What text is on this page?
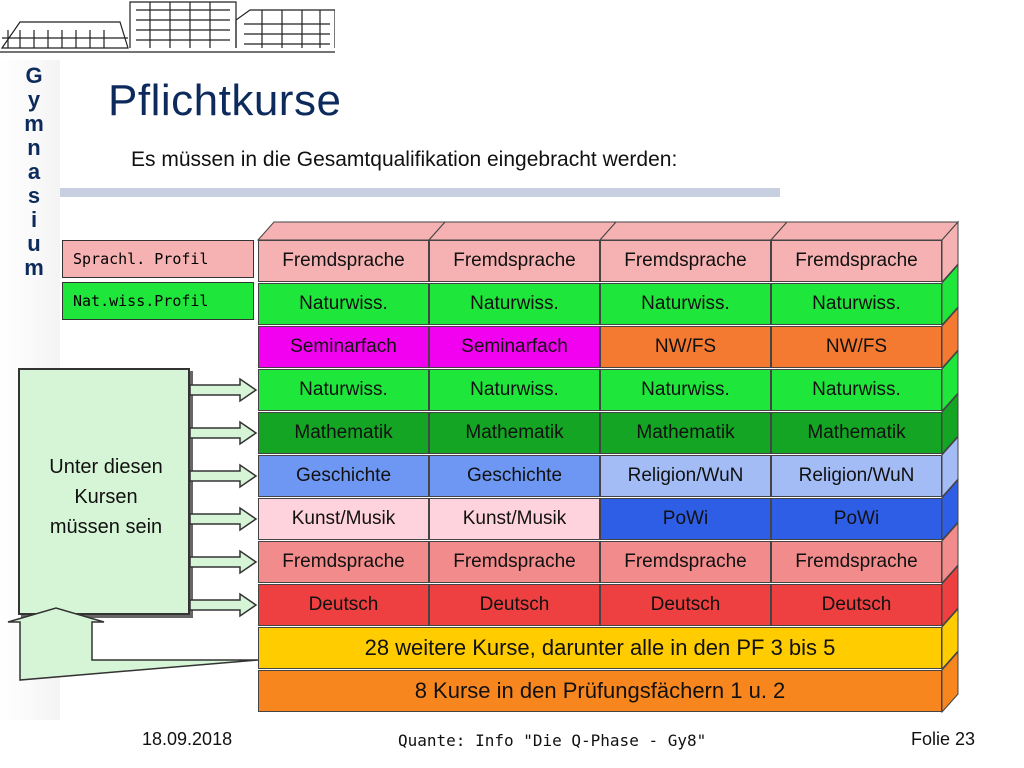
G
y
m
n
a
s
i
u
m
Pflichtkurse
Es müssen in die Gesamtqualifikation eingebracht werden:
Sprachl. Profil
Nat.wiss.Profil
Fremdsprache	Fremdsprache	Fremdsprache	Fremdsprache
Naturwiss.	Naturwiss.	Naturwiss.	Naturwiss.
Seminarfach	Seminarfach	NW/FS	NW/FS
Naturwiss.	Naturwiss.	Naturwiss.	Naturwiss.
Mathematik	Mathematik	Mathematik	Mathematik
Geschichte	Geschichte	Religion/WuN	Religion/WuN
Kunst/Musik	Kunst/Musik	PoWi	PoWi
Fremdsprache	Fremdsprache	Fremdsprache	Fremdsprache
Deutsch	Deutsch	Deutsch	Deutsch
28 weitere Kurse, darunter alle in den PF 3 bis 5
8 Kurse in den Prüfungsfächern 1 u. 2
Unter diesen
Kursen
müssen sein
18.09.2018	Quante: Info "Die Q-Phase - Gy8"	Folie 23
